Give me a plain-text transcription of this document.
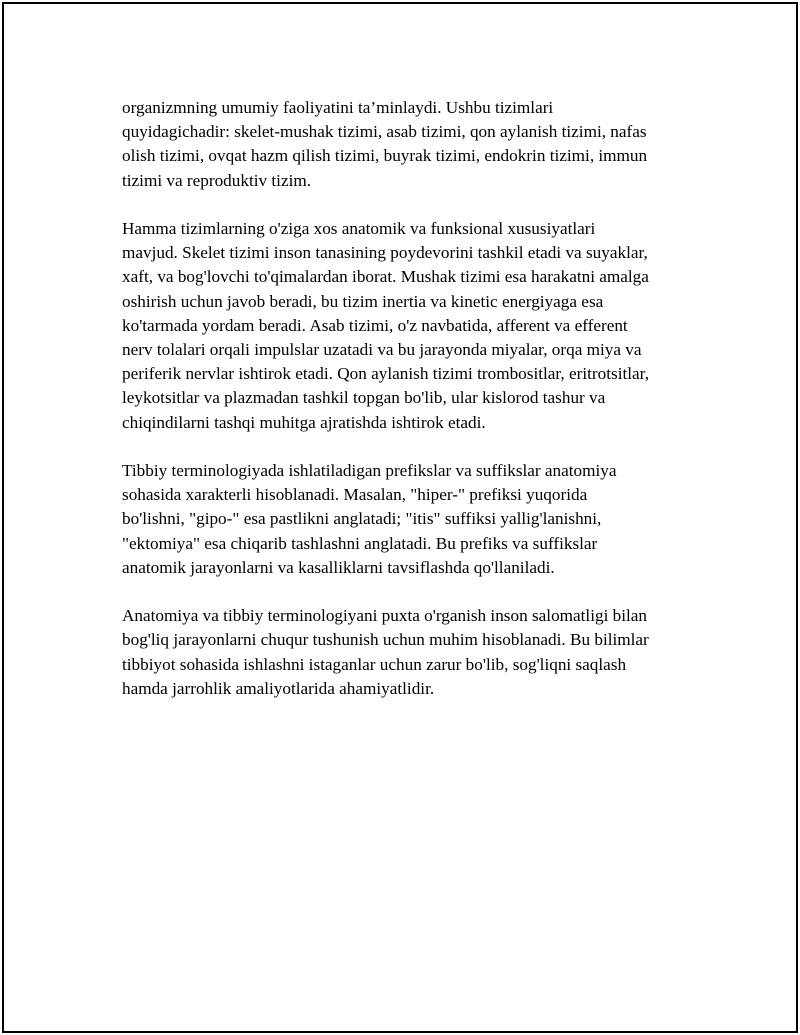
organizmning umumiy faoliyatini ta’minlaydi. Ushbu tizimlari
quyidagichadir: skelet-mushak tizimi, asab tizimi, qon aylanish tizimi, nafas
olish tizimi, ovqat hazm qilish tizimi, buyrak tizimi, endokrin tizimi, immun
tizimi va reproduktiv tizim.

Hamma tizimlarning o'ziga xos anatomik va funksional xususiyatlari
mavjud. Skelet tizimi inson tanasining poydevorini tashkil etadi va suyaklar,
xaft, va bog'lovchi to'qimalardan iborat. Mushak tizimi esa harakatni amalga
oshirish uchun javob beradi, bu tizim inertia va kinetic energiyaga esa
ko'tarmada yordam beradi. Asab tizimi, o'z navbatida, afferent va efferent
nerv tolalari orqali impulslar uzatadi va bu jarayonda miyalar, orqa miya va
periferik nervlar ishtirok etadi. Qon aylanish tizimi trombositlar, eritrotsitlar,
leykotsitlar va plazmadan tashkil topgan bo'lib, ular kislorod tashur va
chiqindilarni tashqi muhitga ajratishda ishtirok etadi.

Tibbiy terminologiyada ishlatiladigan prefikslar va suffikslar anatomiya
sohasida xarakterli hisoblanadi. Masalan, "hiper-" prefiksi yuqorida
bo'lishni, "gipo-" esa pastlikni anglatadi; "itis" suffiksi yallig'lanishni,
"ektomiya" esa chiqarib tashlashni anglatadi. Bu prefiks va suffikslar
anatomik jarayonlarni va kasalliklarni tavsiflashda qo'llaniladi.

Anatomiya va tibbiy terminologiyani puxta o'rganish inson salomatligi bilan
bog'liq jarayonlarni chuqur tushunish uchun muhim hisoblanadi. Bu bilimlar
tibbiyot sohasida ishlashni istaganlar uchun zarur bo'lib, sog'liqni saqlash
hamda jarrohlik amaliyotlarida ahamiyatlidir.
